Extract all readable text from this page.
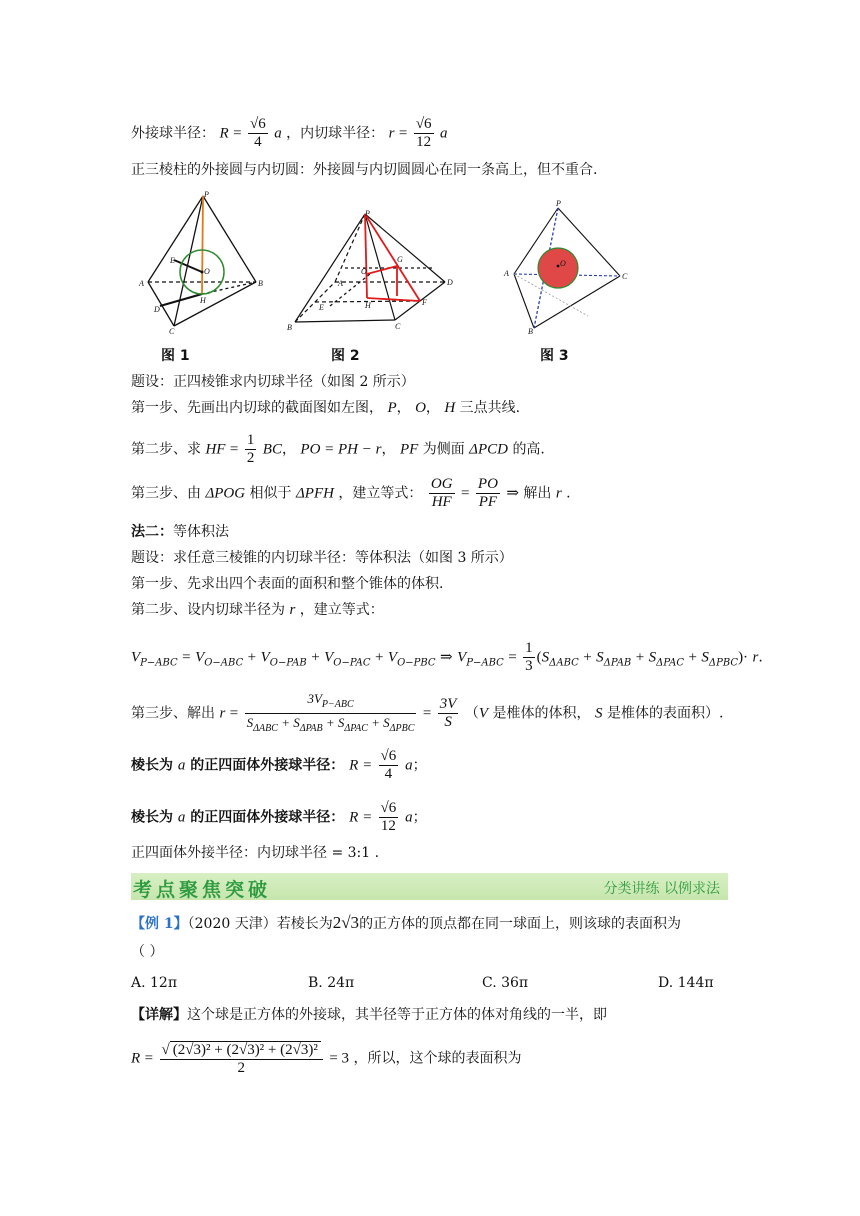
外接球半径： $R = \frac{√6}{4}$ a ，内切球半径： $r = \frac{√6}{12}$ a
正三棱柱的外接圆与内切圆：外接圆与内切圆圆心在同一条高上，但不重合.
P
E
O
A	B
D
H
C
图 1
P
G
O
A	D
E
F
H
B	C
图 2
P
O
A	C
B
图 3
题设：正四棱锥求内切球半径（如图 2 所示）
第一步、先画出内切球的截面图如左图， P， O， H 三点共线.
第二步、求 HF = $\frac{1}{2}$ BC， PO = PH − r， PF 为侧面 ΔPCD 的高.
第三步、由 ΔPOG 相似于 ΔPFH ，建立等式： $\frac{OG}{HF} = \frac{PO}{PF}$ ⇒ 解出 r .
法二：等体积法
题设：求任意三棱锥的内切球半径：等体积法（如图 3 所示）
第一步、先求出四个表面的面积和整个锥体的体积.
第二步、设内切球半径为 r ，建立等式：
$V_{P-ABC} = V_{O-ABC} + V_{O-PAB} + V_{O-PAC} + V_{O-PBC}$ ⇒ $V_{P-ABC} = \frac{1}{3} (S_{\Delta ABC} + S_{\Delta PAB} + S_{\Delta PAC} + S_{\Delta PBC})\cdot r$.
第三步、解出 $r = \frac{3V_{P-ABC}}{S_{\Delta ABC} + S_{\Delta PAB} + S_{\Delta PAC} + S_{\Delta PBC}} = \frac{3V}{S} (V$ 是椎体的体积， S 是椎体的表面积）.
棱长为 a 的正四面体外接球半径： $R = \frac{√6}{4}$ a；
棱长为 a 的正四面体外接球半径： $R = \frac{√6}{12}$ a；
正四面体外接半径：内切球半径 = 3:1 .
考点聚焦突破	分类讲练 以例求法
【例 1】（2020 天津）若棱长为2√3的正方体的顶点都在同一球面上，则该球的表面积为
（ ）
A. 12π	B. 24π	C. 36π	D. 144π
【详解】这个球是正方体的外接球，其半径等于正方体的体对角线的一半，即
$R = \frac{\text{√ (2√3)² + (2√3)² + (2√3)²}}{2} = 3$ ，所以，这个球的表面积为
